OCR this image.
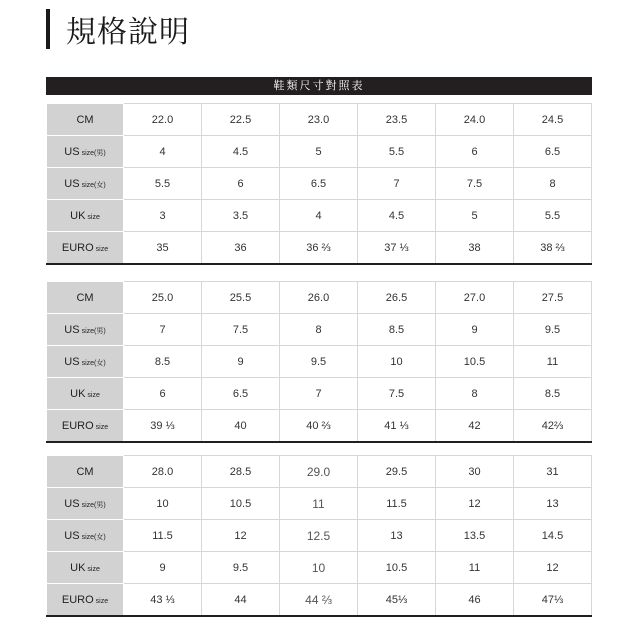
規格說明
鞋類尺寸對照表
CM	22.0	22.5	23.0	23.5	24.0	24.5
US size(男)	4	4.5	5	5.5	6	6.5
US size(女)	5.5	6	6.5	7	7.5	8
UK size	3	3.5	4	4.5	5	5.5
EURO size	35	36	36 ⅔	37 ⅓	38	38 ⅔
CM	25.0	25.5	26.0	26.5	27.0	27.5
US size(男)	7	7.5	8	8.5	9	9.5
US size(女)	8.5	9	9.5	10	10.5	11
UK size	6	6.5	7	7.5	8	8.5
EURO size	39 ⅓	40	40 ⅔	41 ⅓	42	42⅔
CM	28.0	28.5	29.0	29.5	30	31
US size(男)	10	10.5	11	11.5	12	13
US size(女)	11.5	12	12.5	13	13.5	14.5
UK size	9	9.5	10	10.5	11	12
EURO size	43 ⅓	44	44 ⅔	45⅓	46	47⅓
